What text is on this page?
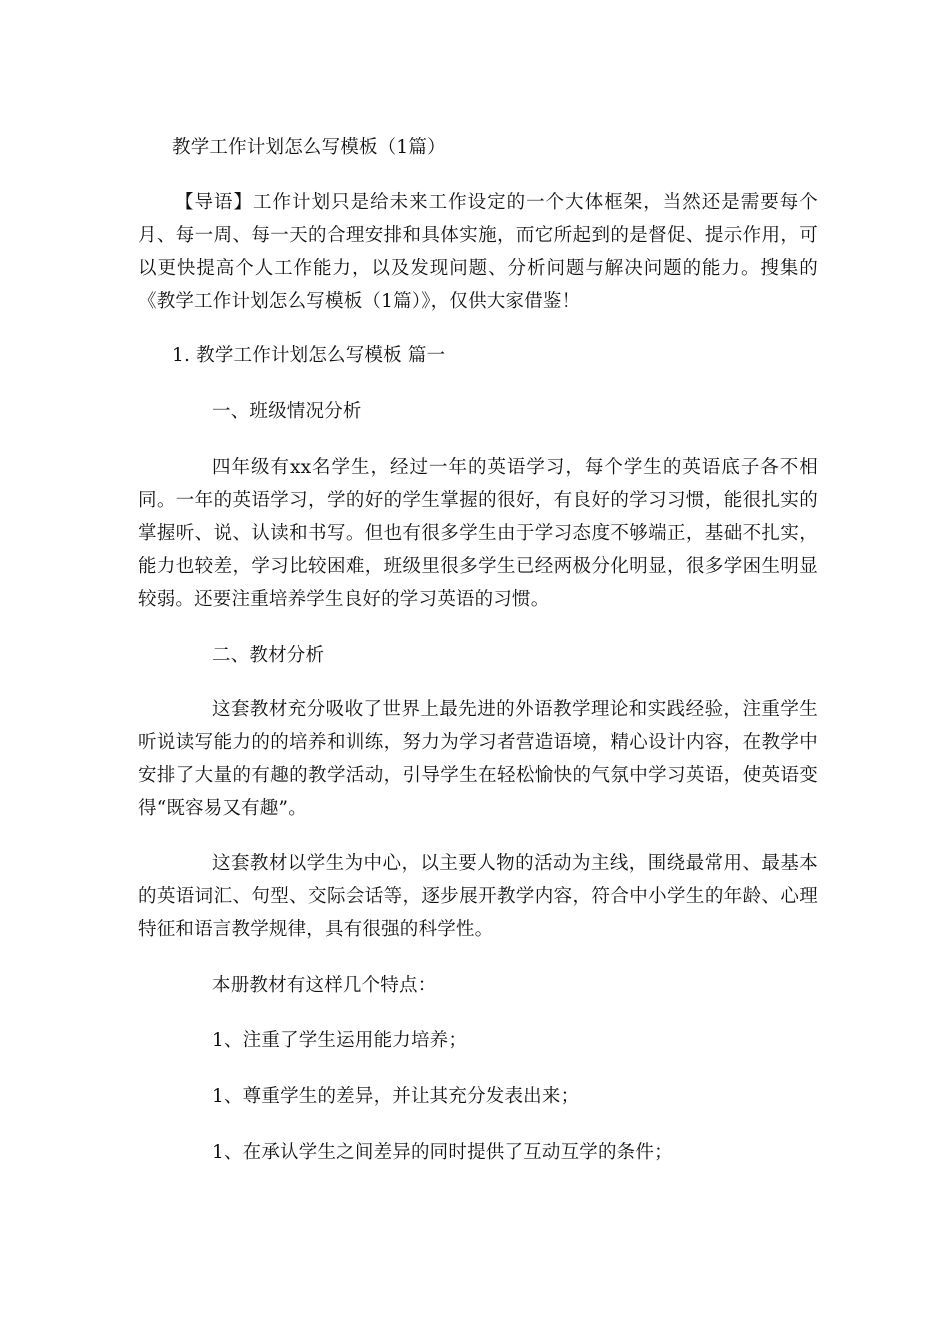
教学工作计划怎么写模板（1篇）
【导语】工作计划只是给未来工作设定的一个大体框架，当然还是需要每个月、每一周、每一天的合理安排和具体实施，而它所起到的是督促、提示作用，可以更快提高个人工作能力，以及发现问题、分析问题与解决问题的能力。搜集的《教学工作计划怎么写模板（1篇）》，仅供大家借鉴！
1. 教学工作计划怎么写模板 篇一
一、班级情况分析
四年级有xx名学生，经过一年的英语学习，每个学生的英语底子各不相同。一年的英语学习，学的好的学生掌握的很好，有良好的学习习惯，能很扎实的掌握听、说、认读和书写。但也有很多学生由于学习态度不够端正，基础不扎实，能力也较差，学习比较困难，班级里很多学生已经两极分化明显，很多学困生明显较弱。还要注重培养学生良好的学习英语的习惯。
二、教材分析
这套教材充分吸收了世界上最先进的外语教学理论和实践经验，注重学生听说读写能力的的培养和训练，努力为学习者营造语境，精心设计内容，在教学中安排了大量的有趣的教学活动，引导学生在轻松愉快的气氛中学习英语，使英语变得“既容易又有趣”。
这套教材以学生为中心，以主要人物的活动为主线，围绕最常用、最基本的英语词汇、句型、交际会话等，逐步展开教学内容，符合中小学生的年龄、心理特征和语言教学规律，具有很强的科学性。
本册教材有这样几个特点：
1、注重了学生运用能力培养；
1、尊重学生的差异，并让其充分发表出来；
1、在承认学生之间差异的同时提供了互动互学的条件；
